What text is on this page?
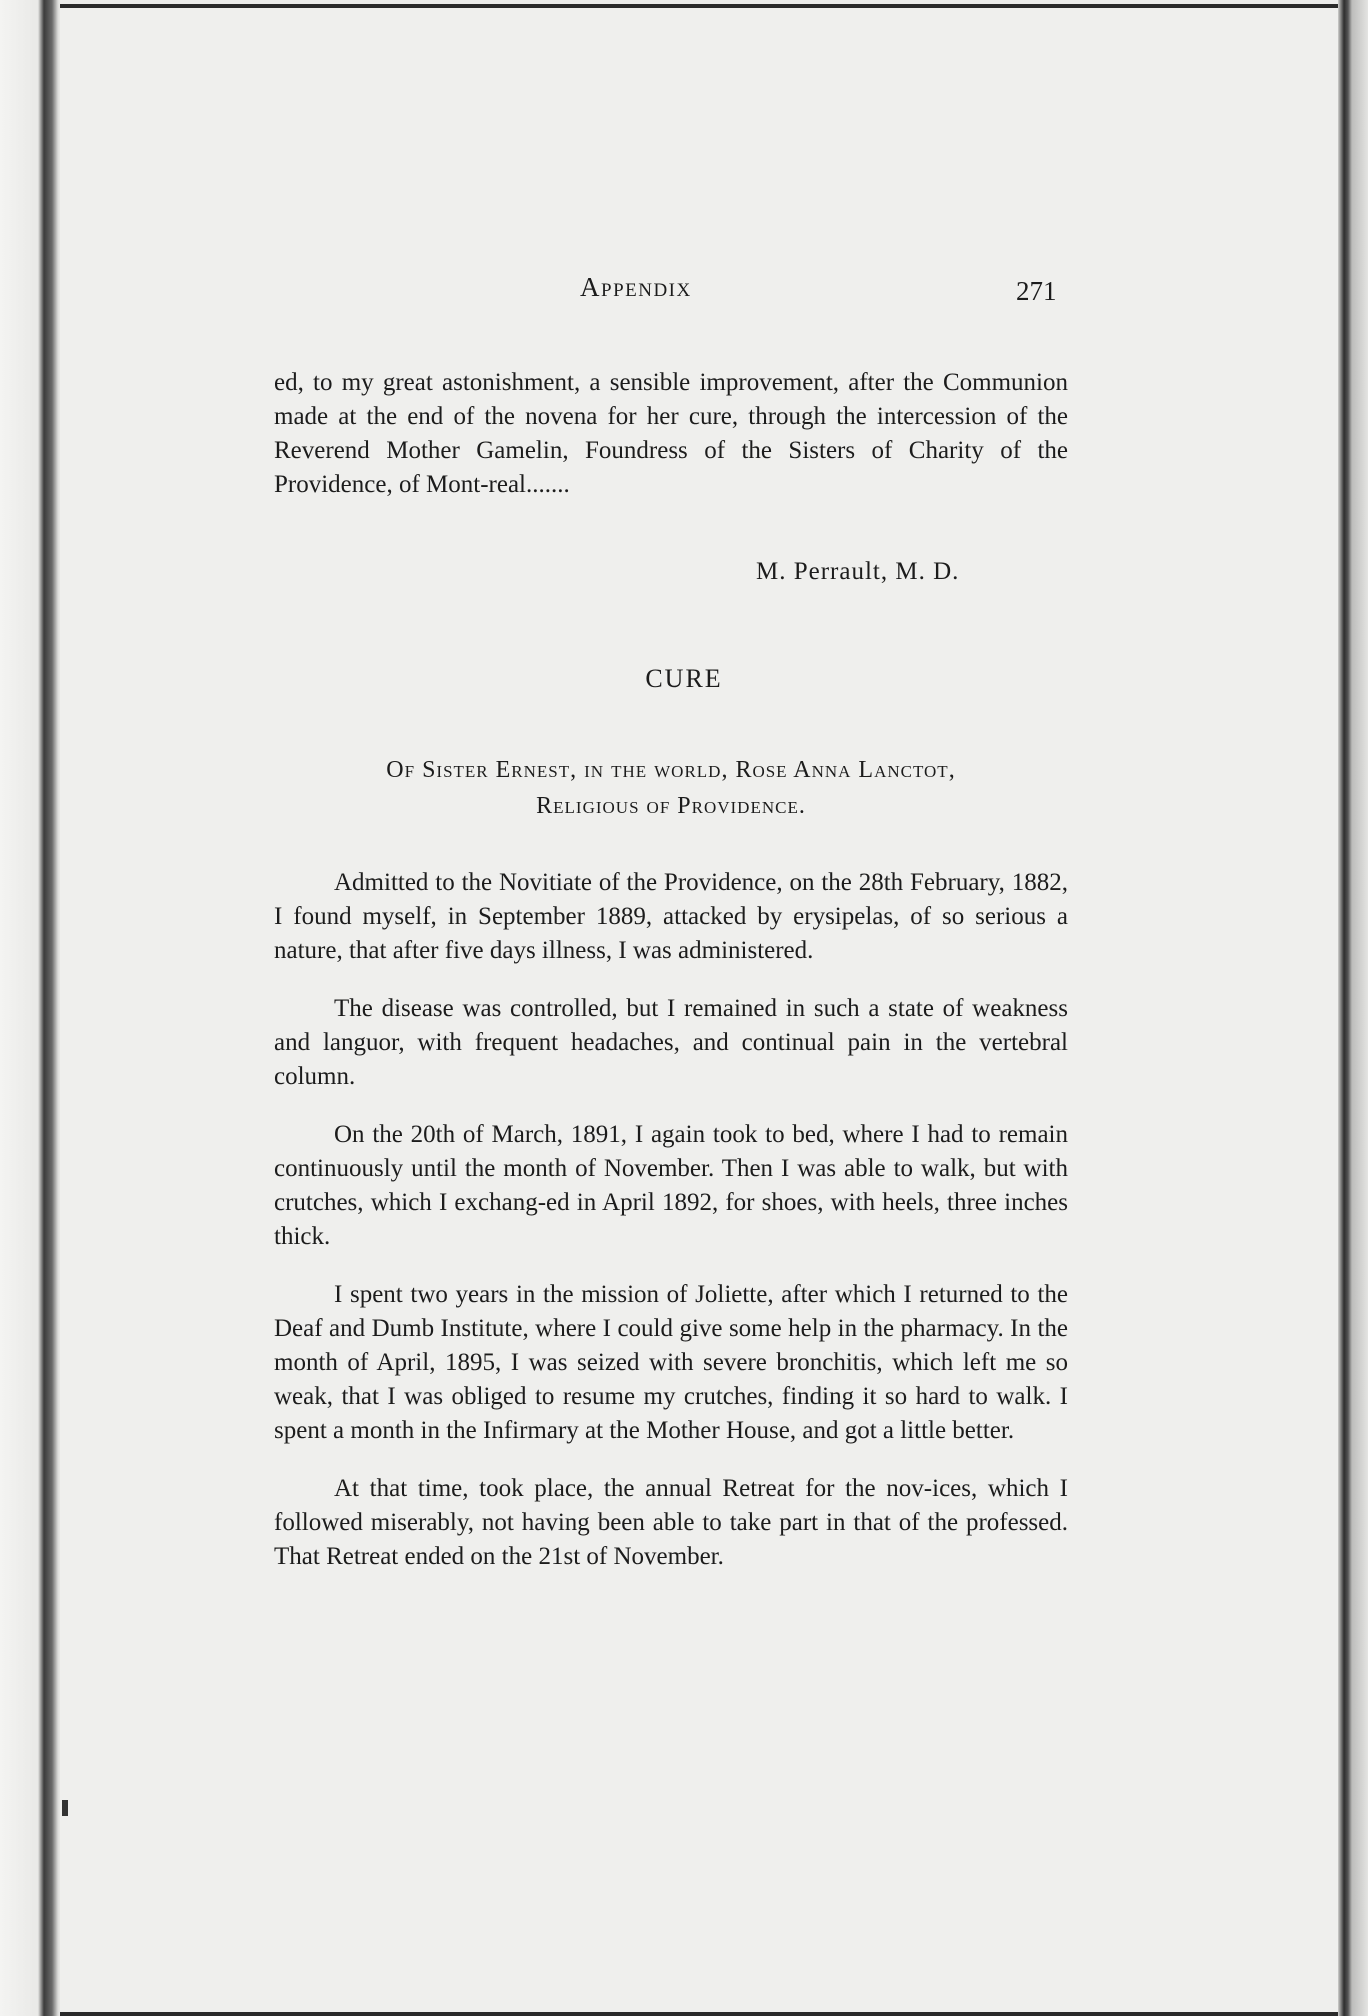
Appendix	271

ed, to my great astonishment, a sensible improvement, after the Communion made at the end of the novena for her cure, through the intercession of the Reverend Mother Gamelin, Foundress of the Sisters of Charity of the Providence, of Mont-real.......

M. Perrault, M. D.
CURE
Of Sister Ernest, in the world, Rose Anna Lanctot,
Religious of Providence.

Admitted to the Novitiate of the Providence, on the 28th February, 1882, I found myself, in September 1889, attacked by erysipelas, of so serious a nature, that after five days illness, I was administered.

The disease was controlled, but I remained in such a state of weakness and languor, with frequent headaches, and continual pain in the vertebral column.

On the 20th of March, 1891, I again took to bed, where I had to remain continuously until the month of November. Then I was able to walk, but with crutches, which I exchang-ed in April 1892, for shoes, with heels, three inches thick.

I spent two years in the mission of Joliette, after which I returned to the Deaf and Dumb Institute, where I could give some help in the pharmacy. In the month of April, 1895, I was seized with severe bronchitis, which left me so weak, that I was obliged to resume my crutches, finding it so hard to walk. I spent a month in the Infirmary at the Mother House, and got a little better.

At that time, took place, the annual Retreat for the nov-ices, which I followed miserably, not having been able to take part in that of the professed. That Retreat ended on the 21st of November.
